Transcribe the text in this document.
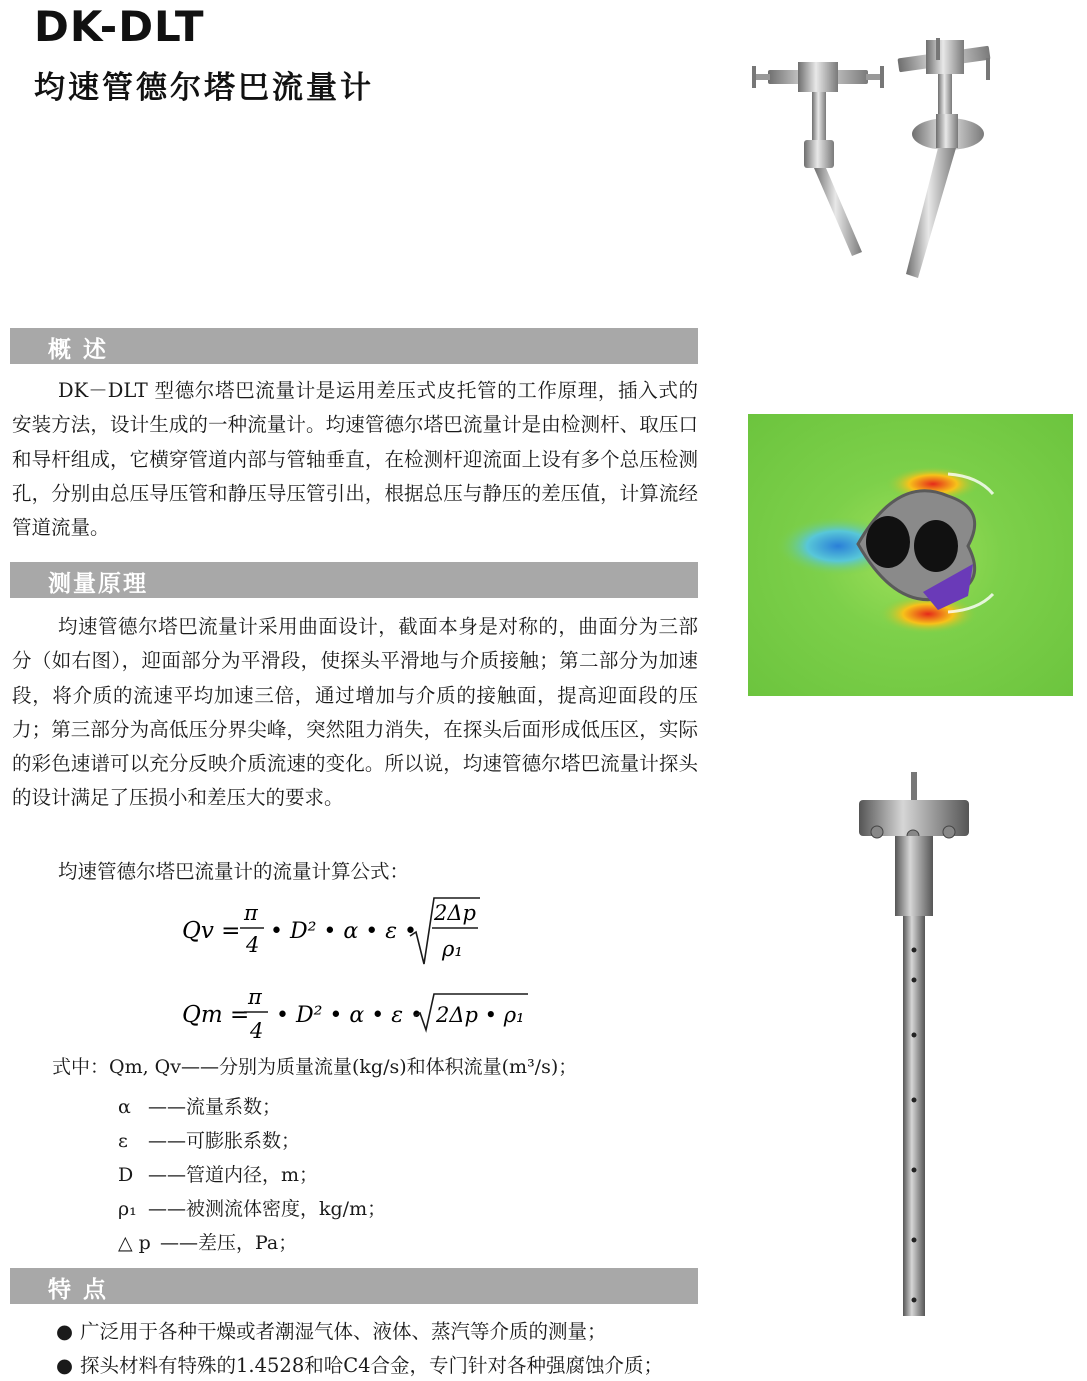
DK-DLT
均速管德尔塔巴流量计
概 述

DK－DLT 型德尔塔巴流量计是运用差压式皮托管的工作原理，插入式的安装方法，设计生成的一种流量计。均速管德尔塔巴流量计是由检测杆、取压口和导杆组成，它横穿管道内部与管轴垂直，在检测杆迎流面上设有多个总压检测孔，分别由总压导压管和静压导压管引出，根据总压与静压的差压值，计算流经管道流量。

测量原理

均速管德尔塔巴流量计采用曲面设计，截面本身是对称的，曲面分为三部分（如右图），迎面部分为平滑段，使探头平滑地与介质接触；第二部分为加速段，将介质的流速平均加速三倍，通过增加与介质的接触面，提高迎面段的压力；第三部分为高低压分界尖峰，突然阻力消失，在探头后面形成低压区，实际的彩色速谱可以充分反映介质流速的变化。所以说，均速管德尔塔巴流量计探头的设计满足了压损小和差压大的要求。

均速管德尔塔巴流量计的流量计算公式：
Qv =
π
4
• D² • α • ε •
2Δp
ρ₁
Qm =
π
4
• D² • α • ε • 2Δp • ρ₁
式中：Qm, Qv——分别为质量流量(kg/s)和体积流量(m³/s)；
α ——流量系数；
ε ——可膨胀系数；
D ——管道内径，m；
ρ₁ ——被测流体密度，kg/m；
△ p ——差压，Pa；
特 点
● 广泛用于各种干燥或者潮湿气体、液体、蒸汽等介质的测量；
● 探头材料有特殊的1.4528和哈C4合金，专门针对各种强腐蚀介质；
